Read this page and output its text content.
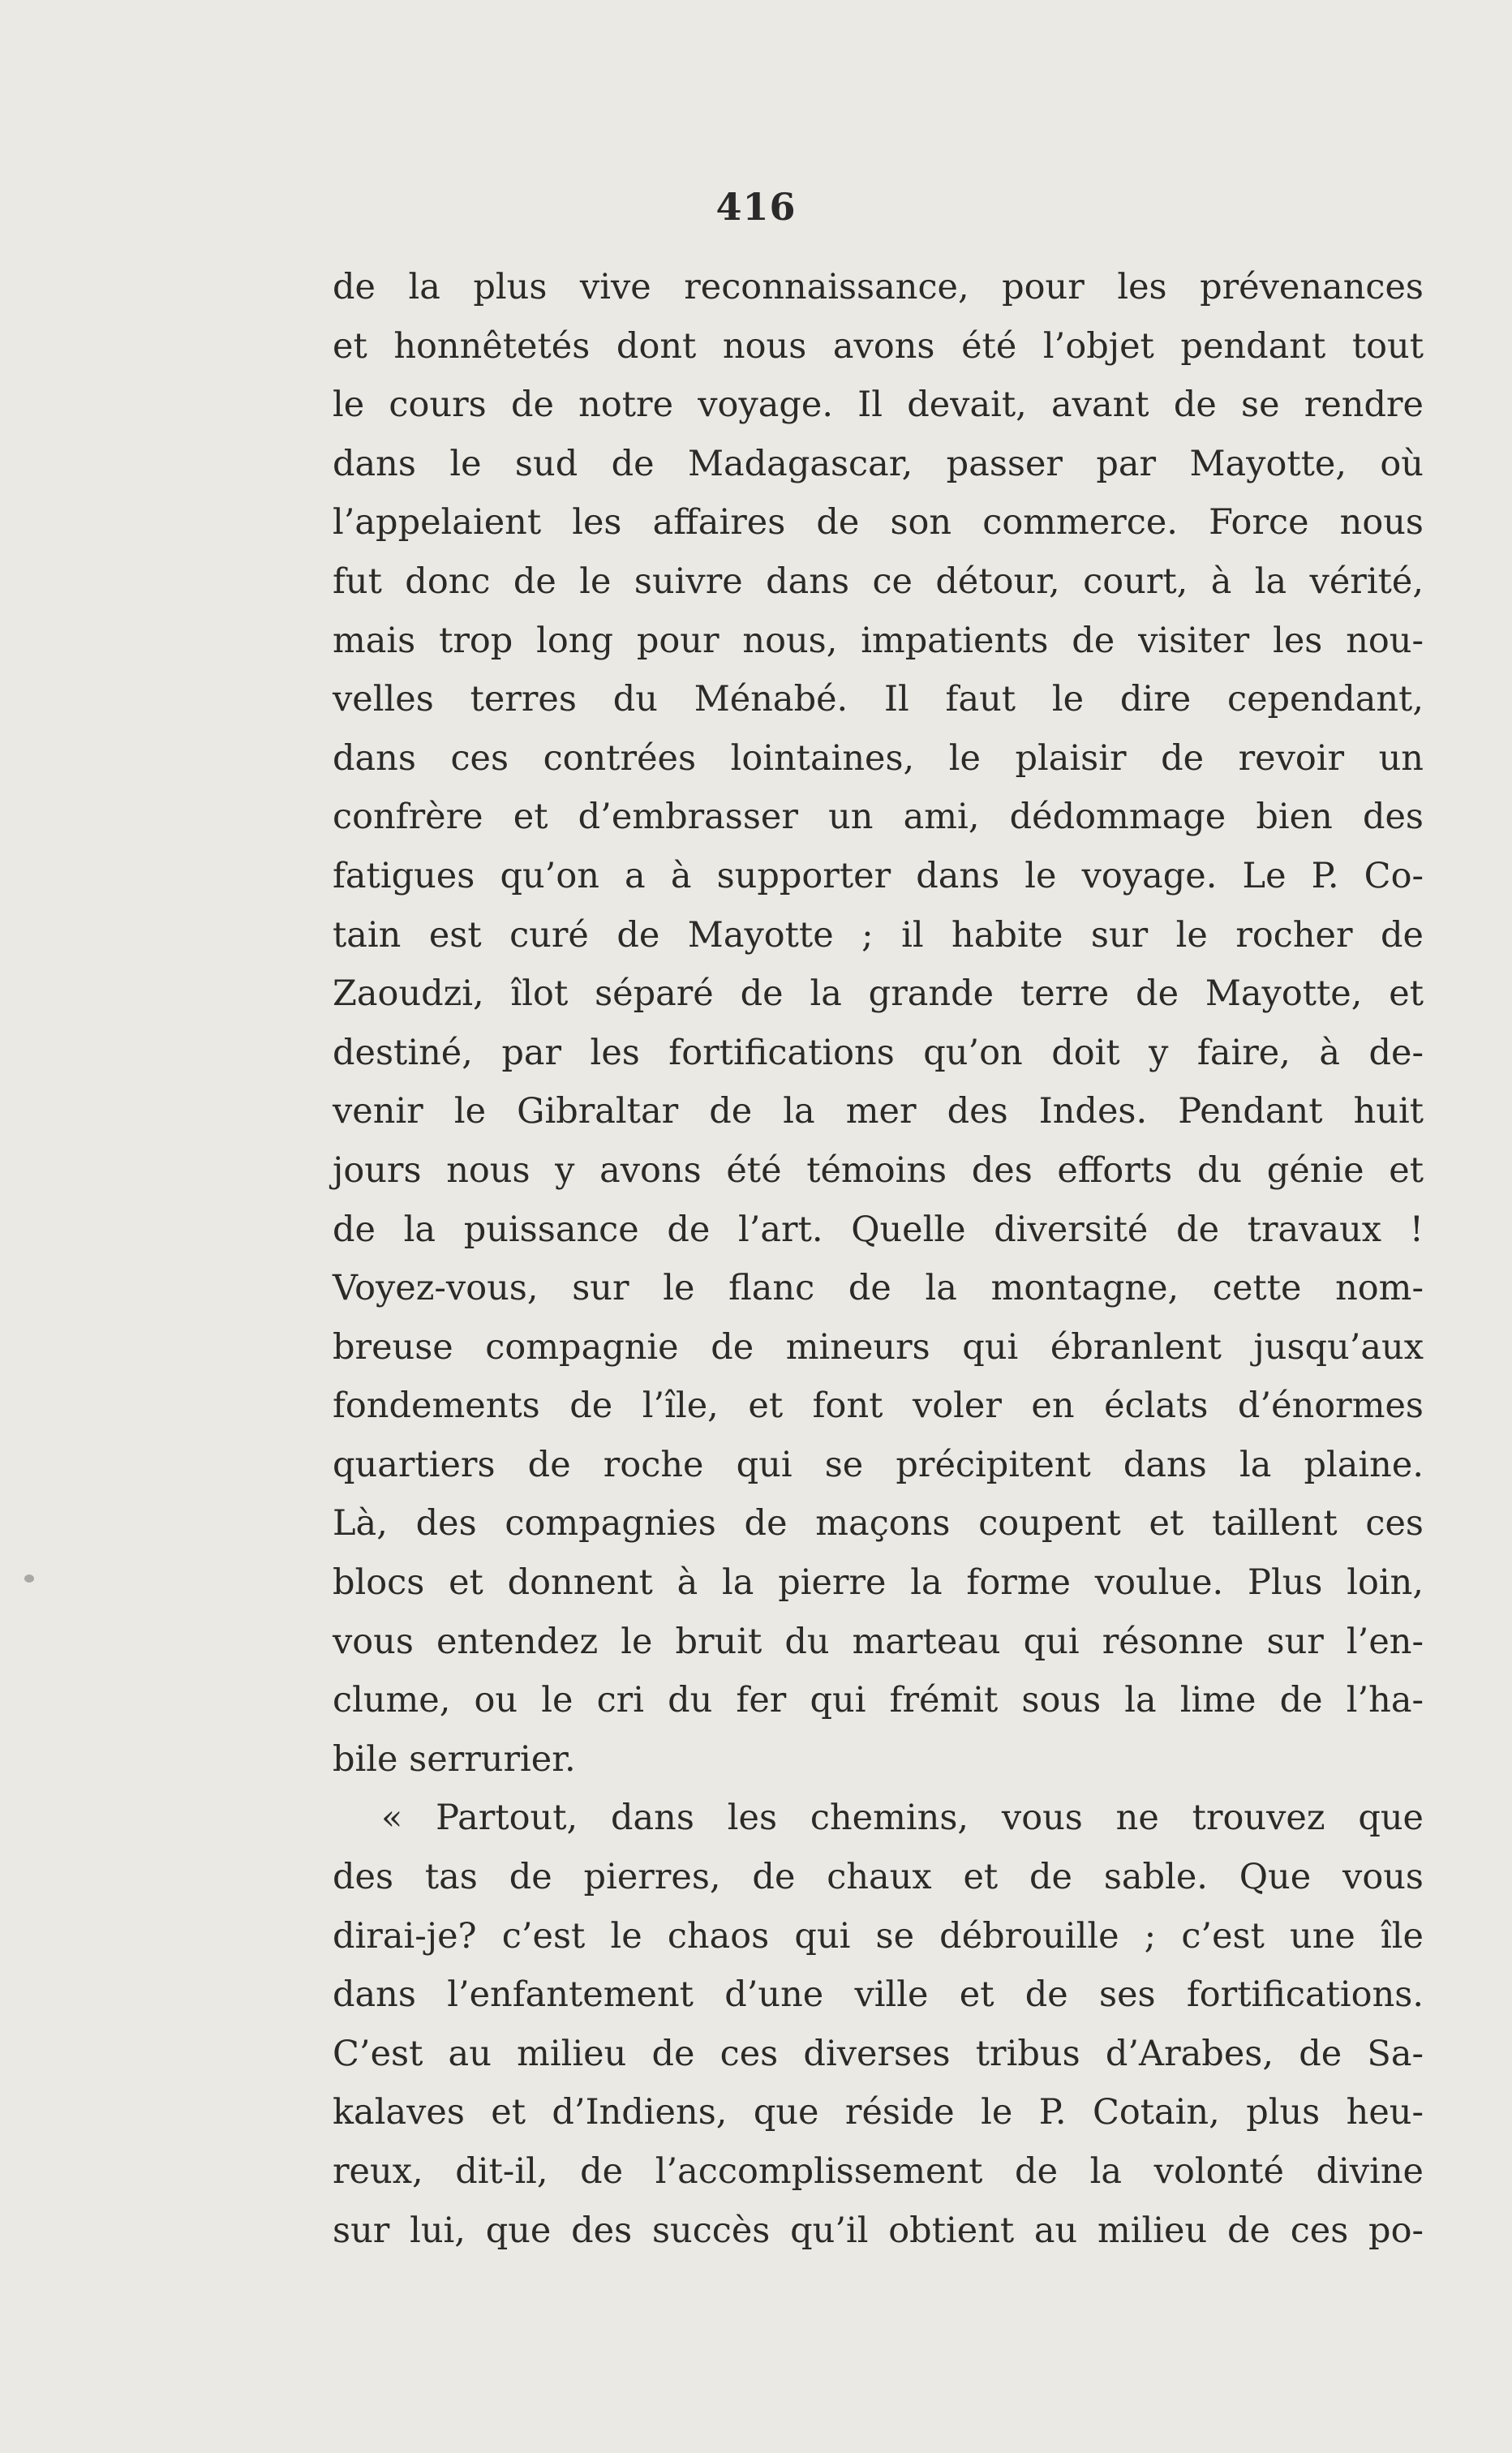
416
de la plus vive reconnaissance, pour les prévenances
et honnêtetés dont nous avons été l’objet pendant tout
le cours de notre voyage. Il devait, avant de se rendre
dans le sud de Madagascar, passer par Mayotte, où
l’appelaient les affaires de son commerce. Force nous
fut donc de le suivre dans ce détour, court, à la vérité,
mais trop long pour nous, impatients de visiter les nou-
velles terres du Ménabé. Il faut le dire cependant,
dans ces contrées lointaines, le plaisir de revoir un
confrère et d’embrasser un ami, dédommage bien des
fatigues qu’on a à supporter dans le voyage. Le P. Co-
tain est curé de Mayotte ; il habite sur le rocher de
Zaoudzi, îlot séparé de la grande terre de Mayotte, et
destiné, par les fortifications qu’on doit y faire, à de-
venir le Gibraltar de la mer des Indes. Pendant huit
jours nous y avons été témoins des efforts du génie et
de la puissance de l’art. Quelle diversité de travaux !
Voyez-vous, sur le flanc de la montagne, cette nom-
breuse compagnie de mineurs qui ébranlent jusqu’aux
fondements de l’île, et font voler en éclats d’énormes
quartiers de roche qui se précipitent dans la plaine.
Là, des compagnies de maçons coupent et taillent ces
blocs et donnent à la pierre la forme voulue. Plus loin,
vous entendez le bruit du marteau qui résonne sur l’en-
clume, ou le cri du fer qui frémit sous la lime de l’ha-
bile serrurier.
« Partout, dans les chemins, vous ne trouvez que
des tas de pierres, de chaux et de sable. Que vous
dirai-je? c’est le chaos qui se débrouille ; c’est une île
dans l’enfantement d’une ville et de ses fortifications.
C’est au milieu de ces diverses tribus d’Arabes, de Sa-
kalaves et d’Indiens, que réside le P. Cotain, plus heu-
reux, dit-il, de l’accomplissement de la volonté divine
sur lui, que des succès qu’il obtient au milieu de ces po-
